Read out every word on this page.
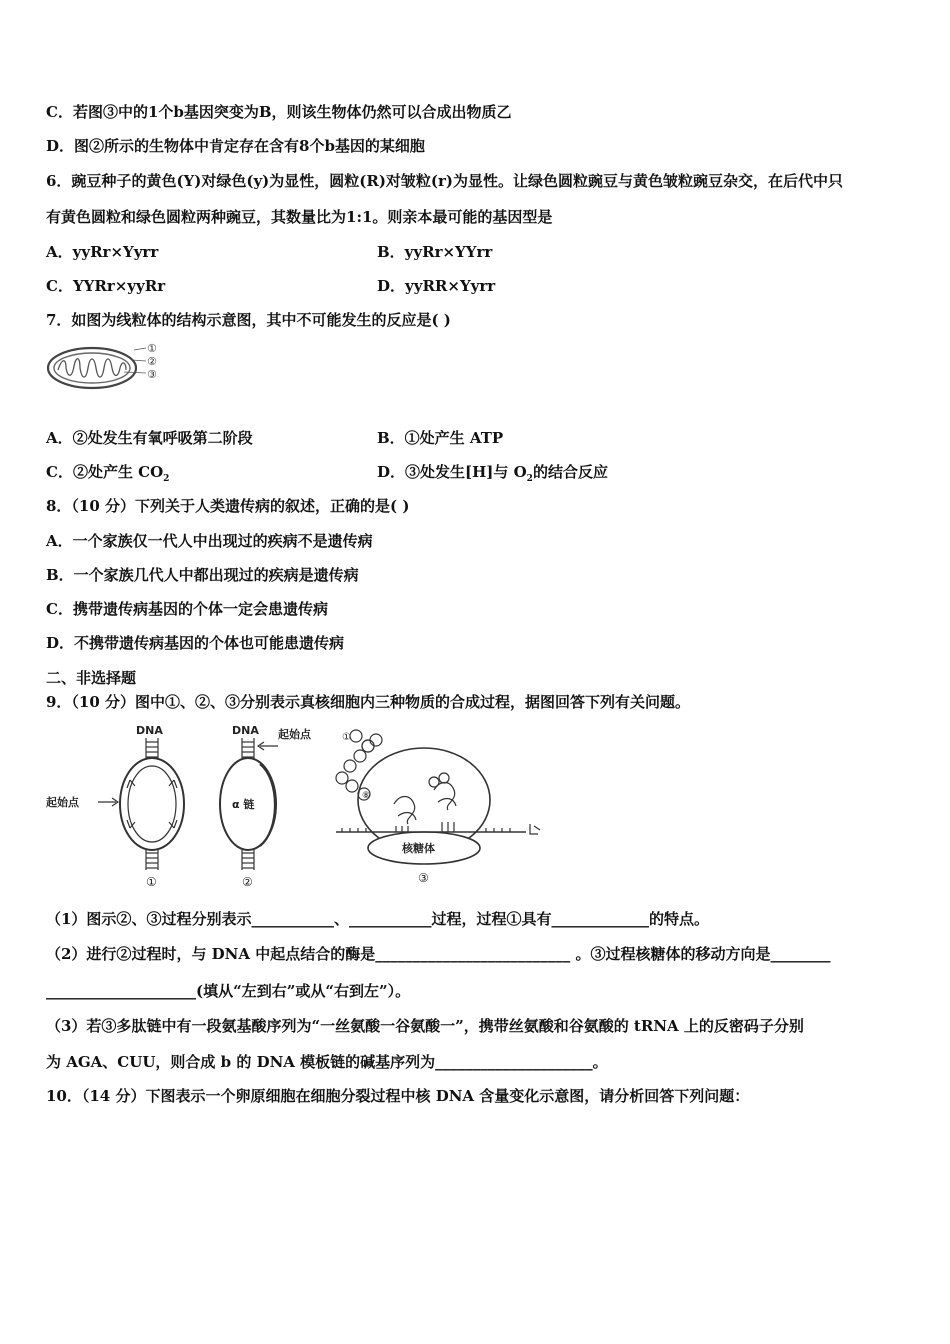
C．若图③中的1个b基因突变为B，则该生物体仍然可以合成出物质乙
D．图②所示的生物体中肯定存在含有8个b基因的某细胞
6．豌豆种子的黄色(Y)对绿色(y)为显性，圆粒(R)对皱粒(r)为显性。让绿色圆粒豌豆与黄色皱粒豌豆杂交，在后代中只
有黄色圆粒和绿色圆粒两种豌豆，其数量比为1:1。则亲本最可能的基因型是
A．yyRr×Yyrr	B．yyRr×YYrr
C．YYRr×yyRr	D．yyRR×Yyrr
7．如图为线粒体的结构示意图，其中不可能发生的反应是( )
①
②
③
A．②处发生有氧呼吸第二阶段	B．①处产生 ATP
C．②处产生 $CO_2$	D．③处发生[H]与 $O_2$的结合反应
8．（10 分）下列关于人类遗传病的叙述，正确的是( )
A．一个家族仅一代人中出现过的疾病不是遗传病
B．一个家族几代人中都出现过的疾病是遗传病
C．携带遗传病基因的个体一定会患遗传病
D．不携带遗传病基因的个体也可能患遗传病
二、非选择题
9．（10 分）图中①、②、③分别表示真核细胞内三种物质的合成过程，据图回答下列有关问题。
DNA
起始点
①
DNA 起始点
α 链
②
①
⑧
核糖体
③
（1）图示②、③过程分别表示___________、___________过程，过程①具有_____________的特点。
（2）进行②过程时，与 DNA 中起点结合的酶是__________________________ 。③过程核糖体的移动方向是________
____________________(填从“左到右”或从“右到左”）。
（3）若③多肽链中有一段氨基酸序列为“一丝氨酸一谷氨酸一”，携带丝氨酸和谷氨酸的 tRNA 上的反密码子分别
为 AGA、CUU，则合成 b 的 DNA 模板链的碱基序列为_____________________。
10．（14 分）下图表示一个卵原细胞在细胞分裂过程中核 DNA 含量变化示意图，请分析回答下列问题：
